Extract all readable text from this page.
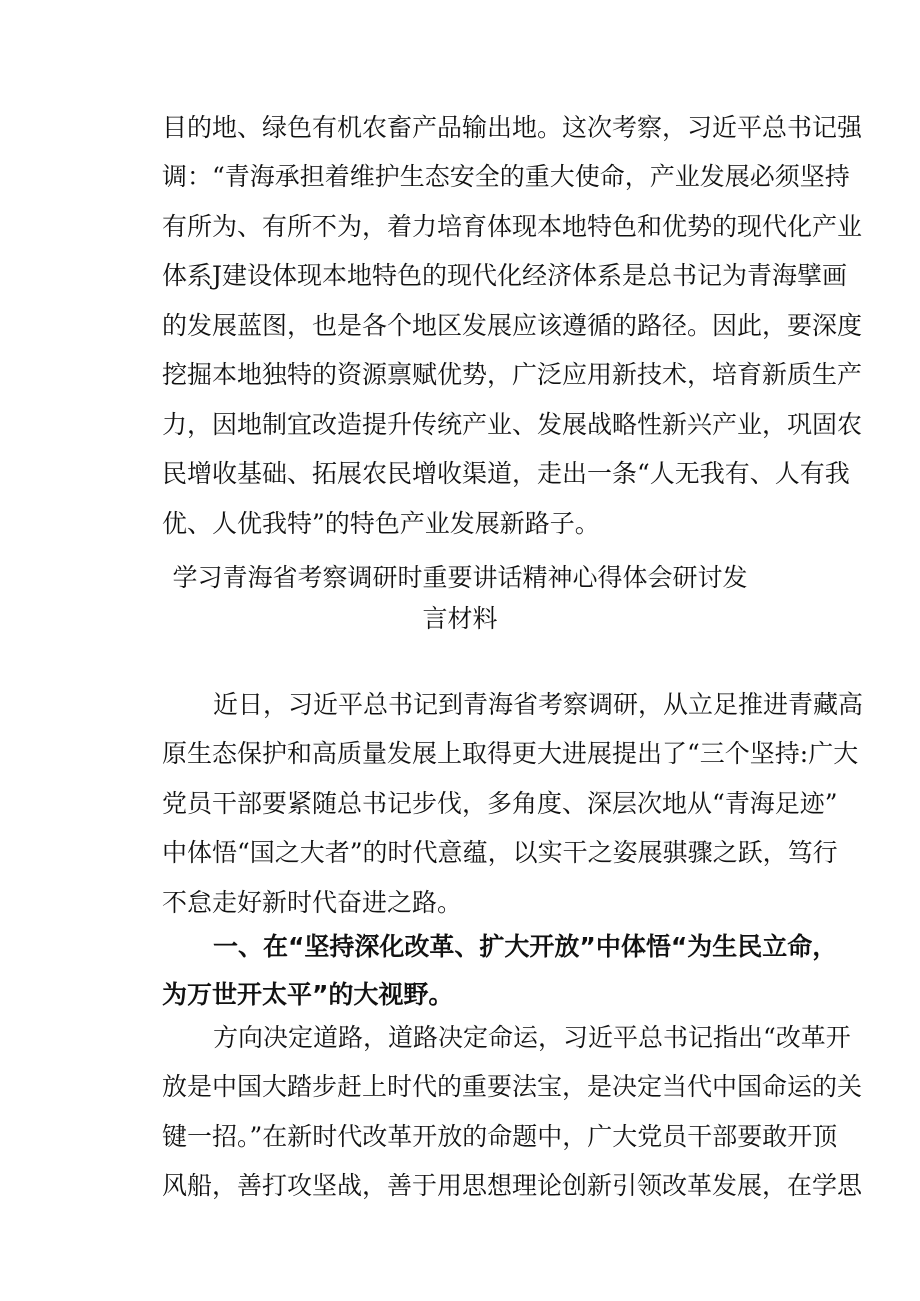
目的地、绿色有机农畜产品输出地。这次考察，习近平总书记强
调：“青海承担着维护生态安全的重大使命，产业发展必须坚持
有所为、有所不为，着力培育体现本地特色和优势的现代化产业
体系J建设体现本地特色的现代化经济体系是总书记为青海擘画
的发展蓝图，也是各个地区发展应该遵循的路径。因此，要深度
挖掘本地独特的资源禀赋优势，广泛应用新技术，培育新质生产
力，因地制宜改造提升传统产业、发展战略性新兴产业，巩固农
民增收基础、拓展农民增收渠道，走出一条“人无我有、人有我
优、人优我特”的特色产业发展新路子。
学习青海省考察调研时重要讲话精神心得体会研讨发
言材料
近日，习近平总书记到青海省考察调研，从立足推进青藏高
原生态保护和高质量发展上取得更大进展提出了“三个坚持:广大
党员干部要紧随总书记步伐，多角度、深层次地从“青海足迹”
中体悟“国之大者”的时代意蕴，以实干之姿展骐骤之跃，笃行
不怠走好新时代奋进之路。
一、在“坚持深化改革、扩大开放”中体悟“为生民立命，
为万世开太平”的大视野。
方向决定道路，道路决定命运，习近平总书记指出“改革开
放是中国大踏步赶上时代的重要法宝，是决定当代中国命运的关
键一招。”在新时代改革开放的命题中，广大党员干部要敢开顶
风船，善打攻坚战，善于用思想理论创新引领改革发展，在学思
